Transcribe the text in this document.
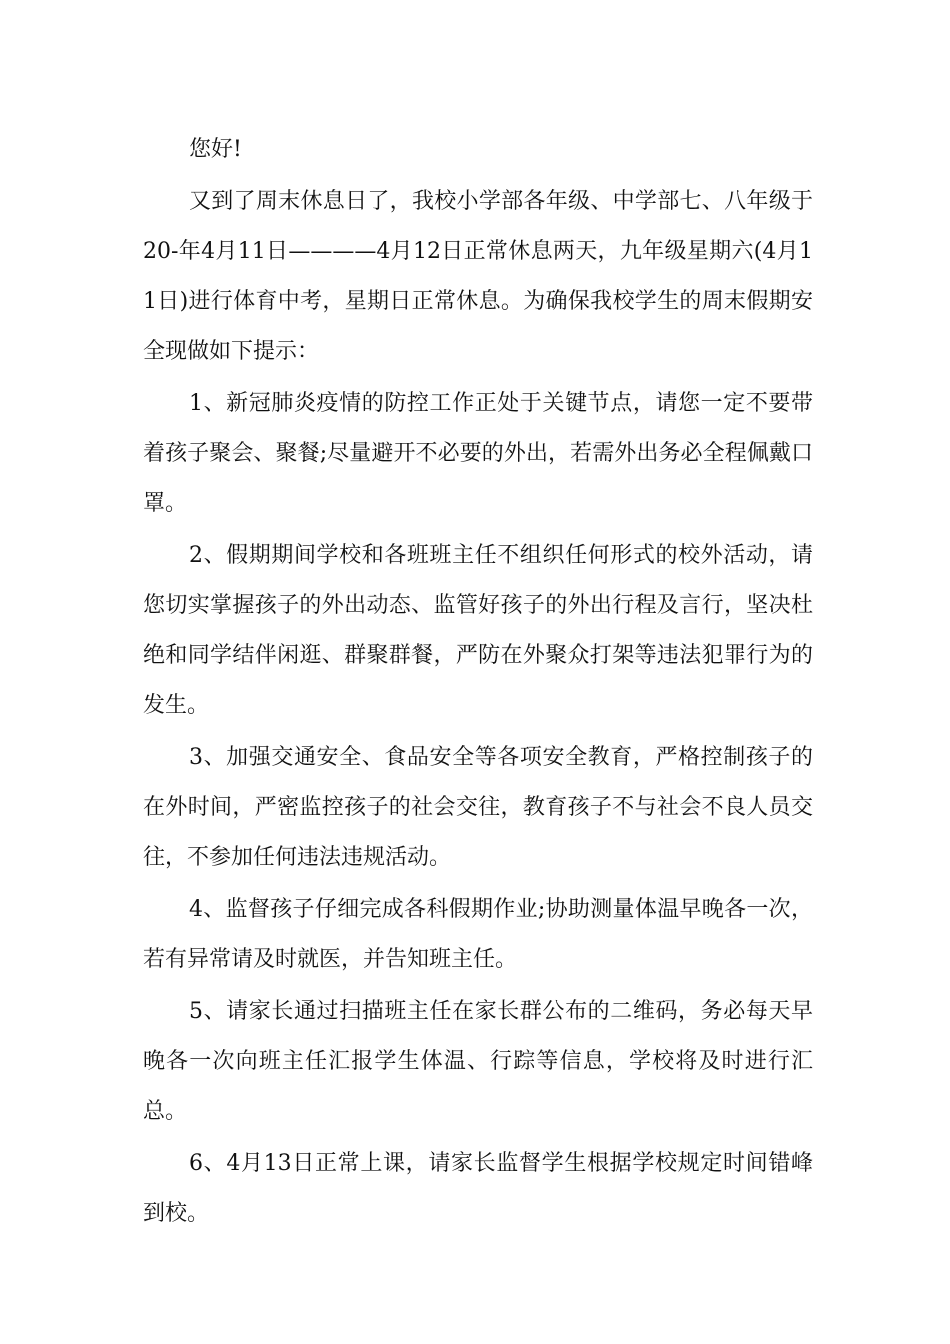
您好!

又到了周末休息日了，我校小学部各年级、中学部七、八年级于20-年4月11日————4月12日正常休息两天，九年级星期六(4月11日)进行体育中考，星期日正常休息。为确保我校学生的周末假期安全现做如下提示：

1、新冠肺炎疫情的防控工作正处于关键节点，请您一定不要带着孩子聚会、聚餐;尽量避开不必要的外出，若需外出务必全程佩戴口罩。

2、假期期间学校和各班班主任不组织任何形式的校外活动，请您切实掌握孩子的外出动态、监管好孩子的外出行程及言行，坚决杜绝和同学结伴闲逛、群聚群餐，严防在外聚众打架等违法犯罪行为的发生。

3、加强交通安全、食品安全等各项安全教育，严格控制孩子的在外时间，严密监控孩子的社会交往，教育孩子不与社会不良人员交往，不参加任何违法违规活动。

4、监督孩子仔细完成各科假期作业;协助测量体温早晚各一次，若有异常请及时就医，并告知班主任。

5、请家长通过扫描班主任在家长群公布的二维码，务必每天早晚各一次向班主任汇报学生体温、行踪等信息，学校将及时进行汇总。

6、4月13日正常上课，请家长监督学生根据学校规定时间错峰到校。
